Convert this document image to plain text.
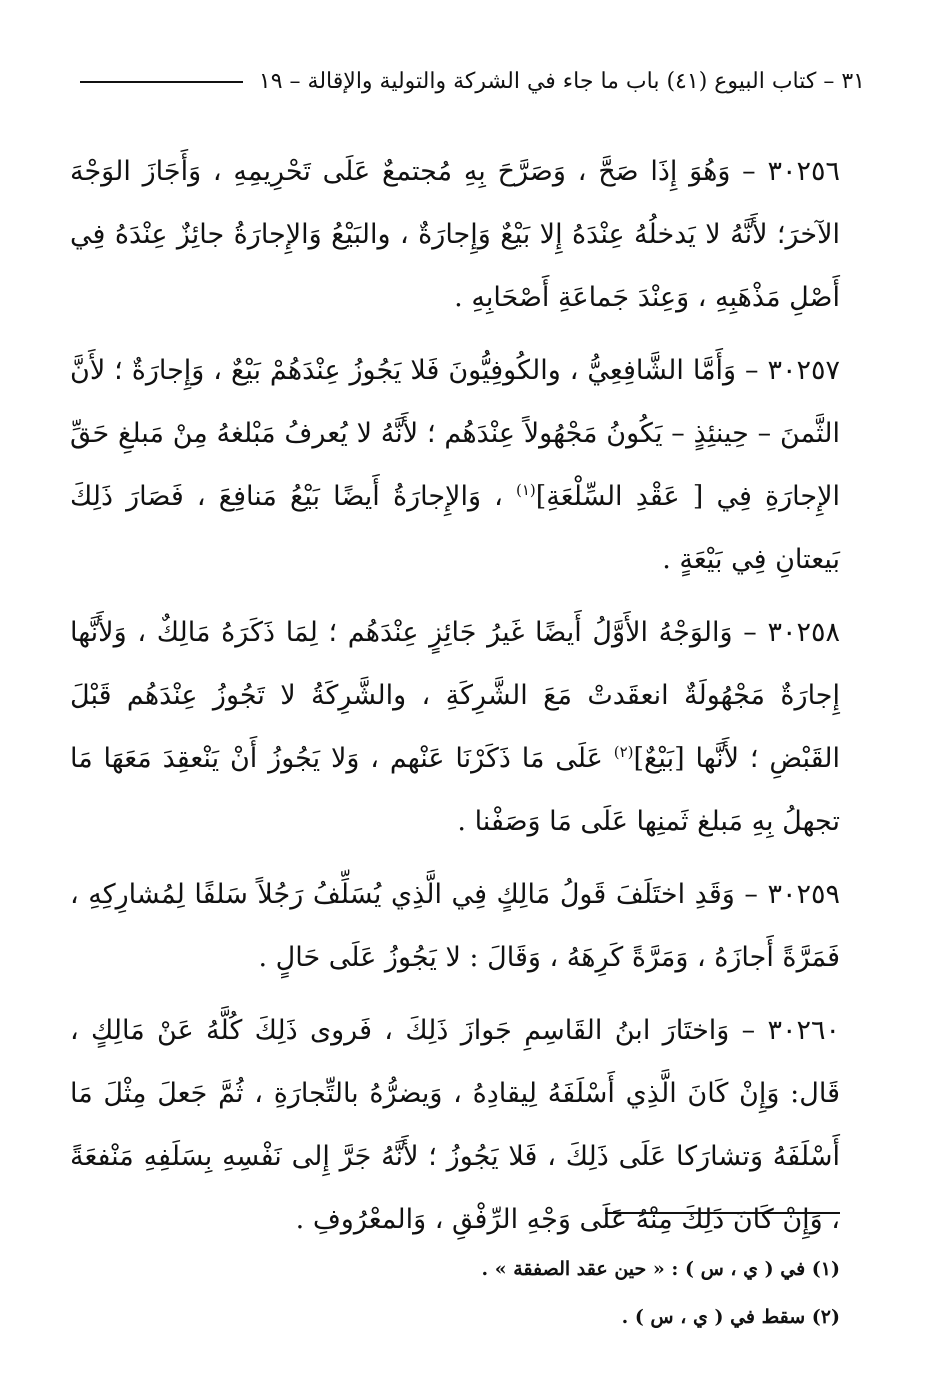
٣١ – كتاب البيوع (٤١) باب ما جاء في الشركة والتولية والإقالة – ١٩

٣٠٢٥٦ – وَهُوَ إِذَا صَحَّ ، وَصَرَّحَ بِهِ مُجتمعٌ عَلَى تَحْرِيمِهِ ، وَأَجَازَ الوَجْهَ الآخرَ؛ لأَنَّهُ لا يَدخلُهُ عِنْدَهُ إِلا بَيْعٌ وَإِجارَةٌ ، والبَيْعُ وَالإِجارَةُ جائِزٌ عِنْدَهُ فِي أَصْلِ مَذْهَبِهِ ، وَعِنْدَ جَماعَةِ أَصْحَابِهِ .

٣٠٢٥٧ – وَأَمَّا الشَّافِعِيُّ ، والكُوفِيُّونَ فَلا يَجُوزُ عِنْدَهُمْ بَيْعٌ ، وَإِجارَةٌ ؛ لأَنَّ الثَّمنَ – حِينئِذٍ – يَكُونُ مَجْهُولاً عِنْدَهُم ؛ لأَنَّهُ لا يُعرفُ مَبْلغهُ مِنْ مَبلغِ حَقِّ الإِجارَةِ فِي [ عَقْدِ السِّلْعَةِ]$^{(١)}$ ، وَالإِجارَةُ أَيضًا بَيْعُ مَنافِعَ ، فَصَارَ ذَلِكَ بَيعتانِ فِي بَيْعَةٍ .

٣٠٢٥٨ – وَالوَجْهُ الأَوَّلُ أَيضًا غَيرُ جَائِزٍ عِنْدَهُم ؛ لِمَا ذَكَرَهُ مَالِكٌ ، وَلأَنَّها إِجارَةٌ مَجْهُولَةٌ انعقَدتْ مَعَ الشَّرِكَةِ ، والشَّرِكَةُ لا تَجُوزُ عِنْدَهُم قَبْلَ القَبْضِ ؛ لأَنَّها [بَيْعٌ]$^{(٢)}$ عَلَى مَا ذَكَرْنَا عَنْهم ، وَلا يَجُوزُ أَنْ يَنْعقِدَ مَعَهَا مَا تجهلُ بِهِ مَبلغ ثَمنِها عَلَى مَا وَصَفْنا .

٣٠٢٥٩ – وَقَدِ اختَلَفَ قَولُ مَالِكٍ فِي الَّذِي يُسَلِّفُ رَجُلاً سَلفًا لِمُشارِكِهِ ، فَمَرَّةً أَجازَهُ ، وَمَرَّةً كَرِهَهُ ، وَقَالَ : لا يَجُوزُ عَلَى حَالٍ .

٣٠٢٦٠ – وَاختَارَ ابنُ القَاسِمِ جَوازَ ذَلِكَ ، فَروى ذَلِكَ كُلَّهُ عَنْ مَالِكٍ ، قَال: وَإِنْ كَانَ الَّذِي أَسْلَفَهُ لِيقادِهُ ، وَيضرُّهُ بالتِّجارَةِ ، ثُمَّ جَعلَ مِثْلَ مَا أَسْلَفَهُ وَتشارَكا عَلَى ذَلِكَ ، فَلا يَجُوزُ ؛ لأَنَّهُ جَرَّ إِلى نَفْسِهِ بِسَلَفِهِ مَنْفعَةً ، وَإِنْ كَانَ ذَلِكَ مِنْهُ عَلَى وَجْهِ الرِّفْقِ ، وَالمعْرُوفِ .

(١) في ( ي ، س ) : « حين عقد الصفقة » .

(٢) سقط في ( ي ، س ) .
